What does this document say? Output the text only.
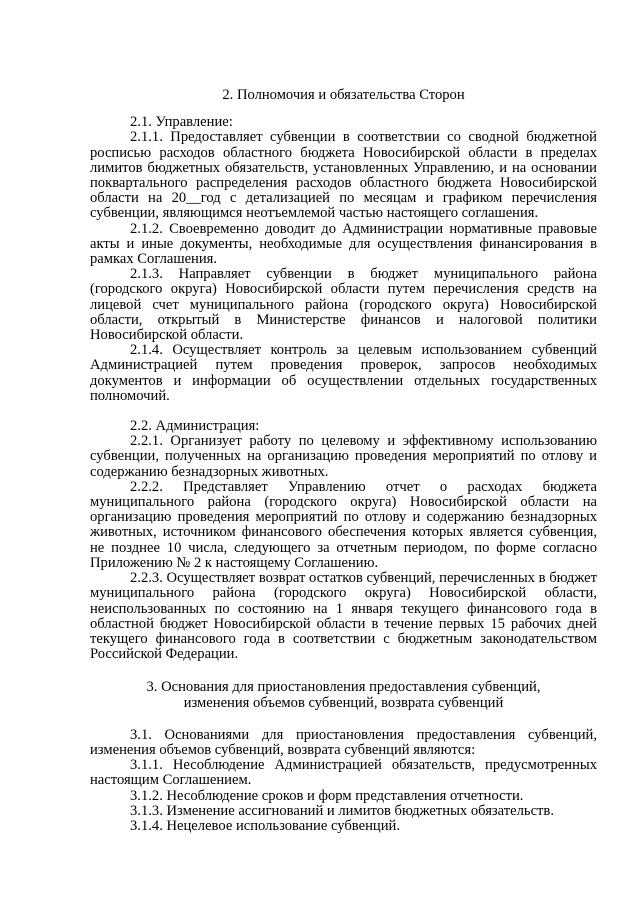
2. Полномочия и обязательства Сторон

2.1. Управление:

2.1.1. Предоставляет субвенции в соответствии со сводной бюджетной росписью расходов областного бюджета Новосибирской области в пределах лимитов бюджетных обязательств, установленных Управлению, и на основании поквартального распределения расходов областного бюджета Новосибирской области на 20__год с детализацией по месяцам и графиком перечисления субвенции, являющимся неотъемлемой частью настоящего соглашения.

2.1.2. Своевременно доводит до Администрации нормативные правовые акты и иные документы, необходимые для осуществления финансирования в рамках Соглашения.

2.1.3. Направляет субвенции в бюджет муниципального района (городского округа) Новосибирской области путем перечисления средств на лицевой счет муниципального района (городского округа) Новосибирской области, открытый в Министерстве финансов и налоговой политики Новосибирской области.

2.1.4. Осуществляет контроль за целевым использованием субвенций Администрацией путем проведения проверок, запросов необходимых документов и информации об осуществлении отдельных государственных полномочий.

2.2. Администрация:

2.2.1. Организует работу по целевому и эффективному использованию субвенции, полученных на организацию проведения мероприятий по отлову и содержанию безнадзорных животных.

2.2.2. Представляет Управлению отчет о расходах бюджета муниципального района (городского округа) Новосибирской области на организацию проведения мероприятий по отлову и содержанию безнадзорных животных, источником финансового обеспечения которых является субвенция, не позднее 10 числа, следующего за отчетным периодом, по форме согласно Приложению № 2 к настоящему Соглашению.

2.2.3. Осуществляет возврат остатков субвенций, перечисленных в бюджет муниципального района (городского округа) Новосибирской области, неиспользованных по состоянию на 1 января текущего финансового года в областной бюджет Новосибирской области в течение первых 15 рабочих дней текущего финансового года в соответствии с бюджетным законодательством Российской Федерации.

3. Основания для приостановления предоставления субвенций,

изменения объемов субвенций, возврата субвенций

3.1. Основаниями для приостановления предоставления субвенций, изменения объемов субвенций, возврата субвенций являются:

3.1.1. Несоблюдение Администрацией обязательств, предусмотренных настоящим Соглашением.

3.1.2. Несоблюдение сроков и форм представления отчетности.

3.1.3. Изменение ассигнований и лимитов бюджетных обязательств.

3.1.4. Нецелевое использование субвенций.
